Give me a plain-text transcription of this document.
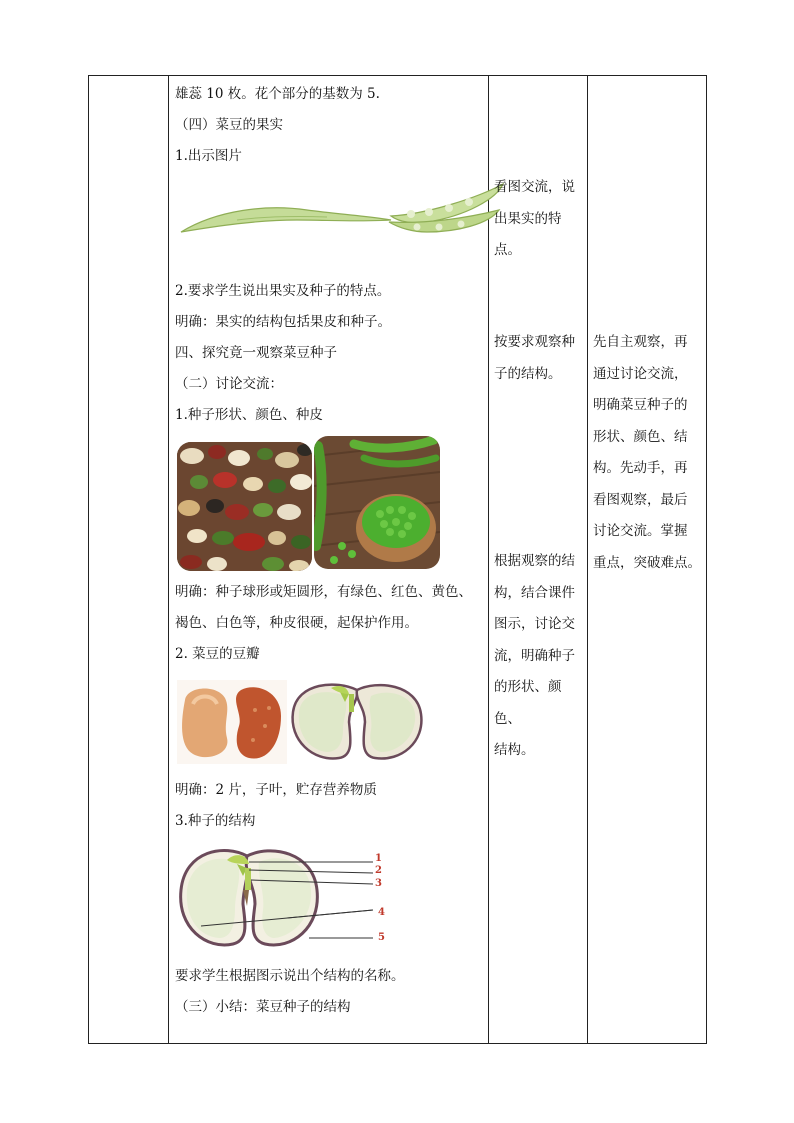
雄蕊 10 枚。花个部分的基数为 5.
（四）菜豆的果实
1.出示图片
2.要求学生说出果实及种子的特点。
明确：果实的结构包括果皮和种子。
四、探究竟一观察菜豆种子
（二）讨论交流：
1.种子形状、颜色、种皮
明确：种子球形或矩圆形，有绿色、红色、黄色、
褐色、白色等，种皮很硬，起保护作用。
2. 菜豆的豆瓣
明确：2 片，子叶，贮存营养物质
3.种子的结构
1
2
3
4
5
要求学生根据图示说出个结构的名称。
（三）小结：菜豆种子的结构
看图交流，说
出果实的特点。
按要求观察种
子的结构。
根据观察的结
构，结合课件
图示，讨论交
流，明确种子
的形状、颜色、
结构。
先自主观察，再
通过讨论交流，
明确菜豆种子的
形状、颜色、结
构。先动手，再
看图观察，最后
讨论交流。掌握
重点，突破难点。
